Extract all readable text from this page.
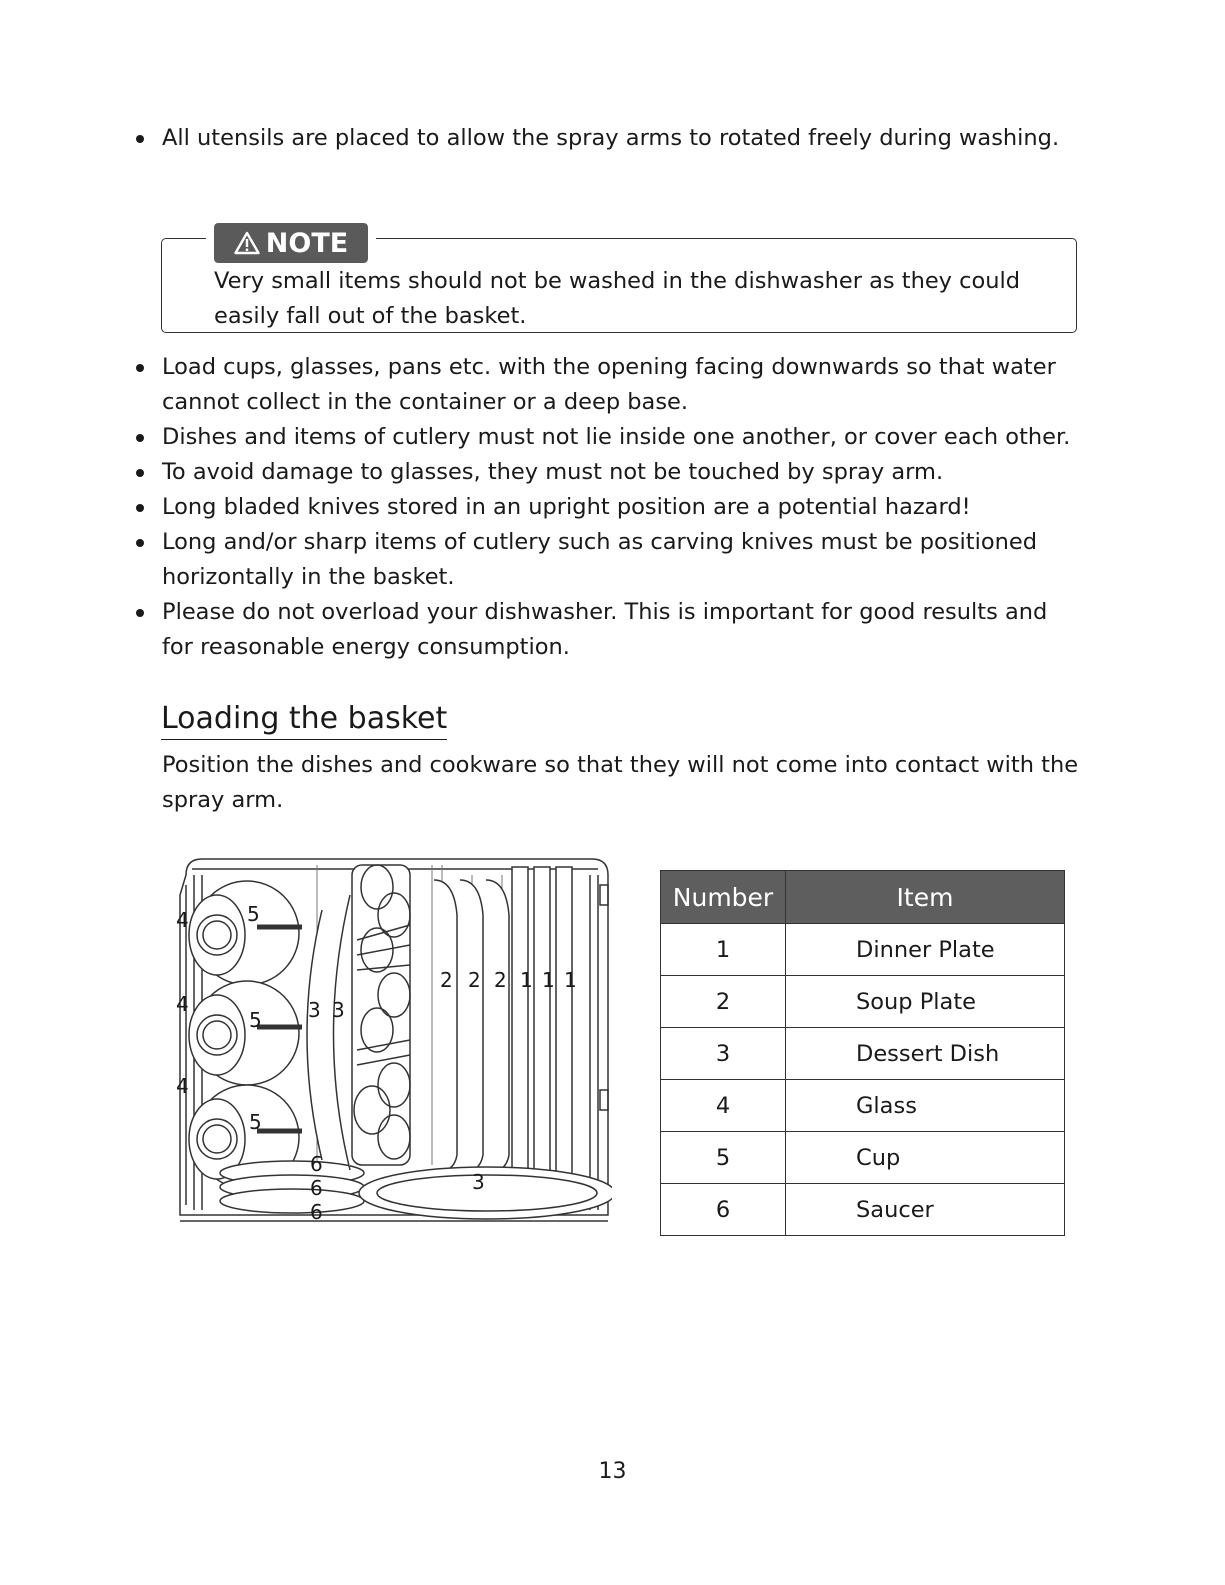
All utensils are placed to allow the spray arms to rotated freely during washing.
NOTE
Very small items should not be washed in the dishwasher as they could easily fall out of the basket.
Load cups, glasses, pans etc. with the opening facing downwards so that water cannot collect in the container or a deep base.
Dishes and items of cutlery must not lie inside one another, or cover each other.
To avoid damage to glasses, they must not be touched by spray arm.
Long bladed knives stored in an upright position are a potential hazard!
Long and/or sharp items of cutlery such as carving knives must be positioned horizontally in the basket.
Please do not overload your dishwasher. This is important for good results and for reasonable energy consumption.
Loading the basket

Position the dishes and cookware so that they will not come into contact with the spray arm.

4
4
4
5
5
5
3 3
3
2 2 2 1 1 1
6
6
6
Number	Item
1	Dinner Plate
2	Soup Plate
3	Dessert Dish
4	Glass
5	Cup
6	Saucer
13
